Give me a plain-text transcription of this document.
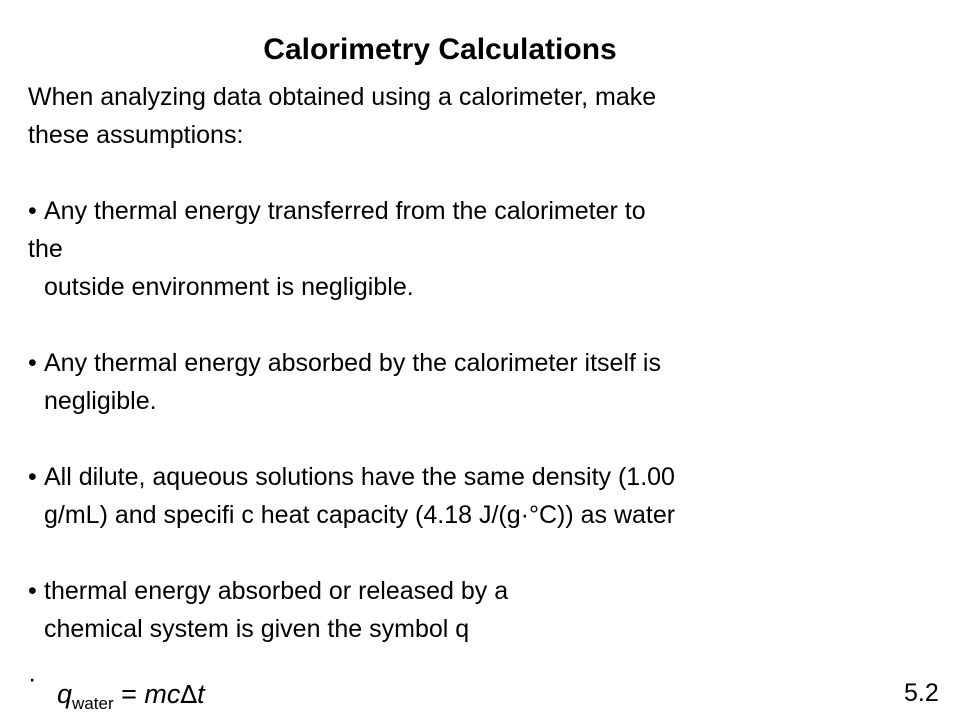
Calorimetry Calculations
When analyzing data obtained using a calorimeter, make
these assumptions:
• Any thermal energy transferred from the calorimeter to
the
outside environment is negligible.
• Any thermal energy absorbed by the calorimeter itself is
negligible.
• All dilute, aqueous solutions have the same density (1.00
g/mL) and specifi c heat capacity (4.18 J/(g·°C)) as water
• thermal energy absorbed or released by a
chemical system is given the symbol q
· $q_{water} = mc\Delta t$	5.2
